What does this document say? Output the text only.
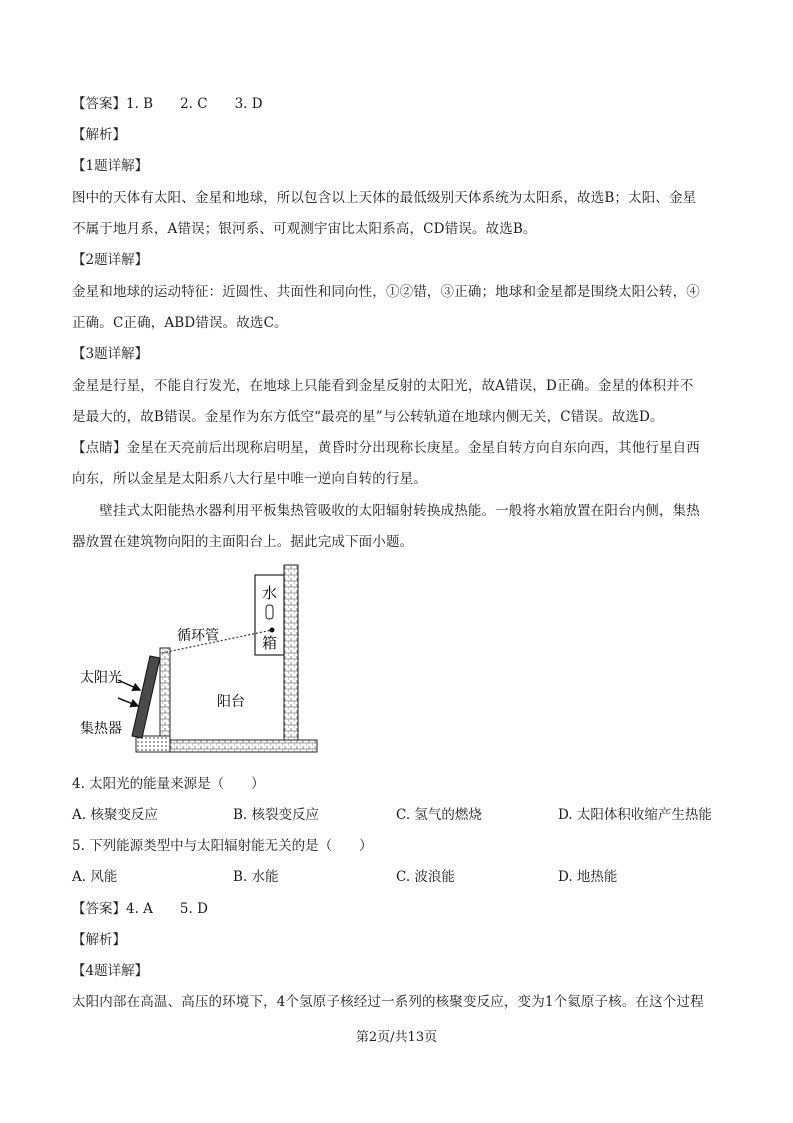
【答案】1. B　　2. C　　3. D
【解析】
【1题详解】
图中的天体有太阳、金星和地球，所以包含以上天体的最低级别天体系统为太阳系，故选B；太阳、金星
不属于地月系，A错误；银河系、可观测宇宙比太阳系高，CD错误。故选B。
【2题详解】
金星和地球的运动特征：近圆性、共面性和同向性，①②错，③正确；地球和金星都是围绕太阳公转，④
正确。C正确，ABD错误。故选C。
【3题详解】
金星是行星，不能自行发光，在地球上只能看到金星反射的太阳光，故A错误，D正确。金星的体积并不
是最大的，故B错误。金星作为东方低空“最亮的星”与公转轨道在地球内侧无关，C错误。故选D。
【点睛】金星在天亮前后出现称启明星，黄昏时分出现称长庚星。金星自转方向自东向西，其他行星自西
向东，所以金星是太阳系八大行星中唯一逆向自转的行星。
　　壁挂式太阳能热水器利用平板集热管吸收的太阳辐射转换成热能。一般将水箱放置在阳台内侧，集热
器放置在建筑物向阳的主面阳台上。据此完成下面小题。
水
箱
循环管
太阳光
集热器
阳台
4. 太阳光的能量来源是（　　）
A. 核聚变反应	B. 核裂变反应	C. 氢气的燃烧	D. 太阳体积收缩产生热能
5. 下列能源类型中与太阳辐射能无关的是（　　）
A. 风能	B. 水能	C. 波浪能	D. 地热能
【答案】4. A　　5. D
【解析】
【4题详解】
太阳内部在高温、高压的环境下，4个氢原子核经过一系列的核聚变反应，变为1个氦原子核。在这个过程
第2页/共13页
